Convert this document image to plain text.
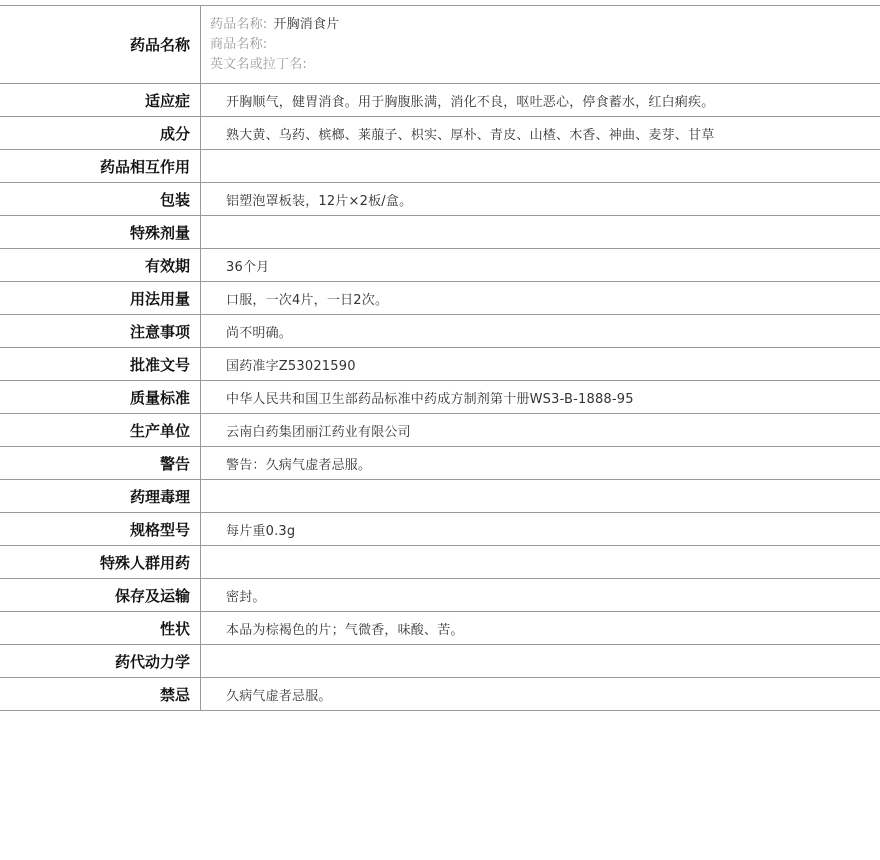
药品名称	药品名称: 开胸消食片
商品名称:
英文名或拉丁名:

适应症	开胸顺气，健胃消食。用于胸腹胀满，消化不良，呕吐恶心，停食蓄水，红白痢疾。
成分	熟大黄、乌药、槟榔、莱菔子、枳实、厚朴、青皮、山楂、木香、神曲、麦芽、甘草
药品相互作用	
包装	铝塑泡罩板装，12片×2板/盒。
特殊剂量	
有效期	36个月
用法用量	口服，一次4片，一日2次。
注意事项	尚不明确。
批准文号	国药准字Z53021590
质量标准	中华人民共和国卫生部药品标准中药成方制剂第十册WS3-B-1888-95
生产单位	云南白药集团丽江药业有限公司
警告	警告：久病气虚者忌服。
药理毒理	
规格型号	每片重0.3g
特殊人群用药	
保存及运输	密封。
性状	本品为棕褐色的片；气微香，味酸、苦。
药代动力学	
禁忌	久病气虚者忌服。
